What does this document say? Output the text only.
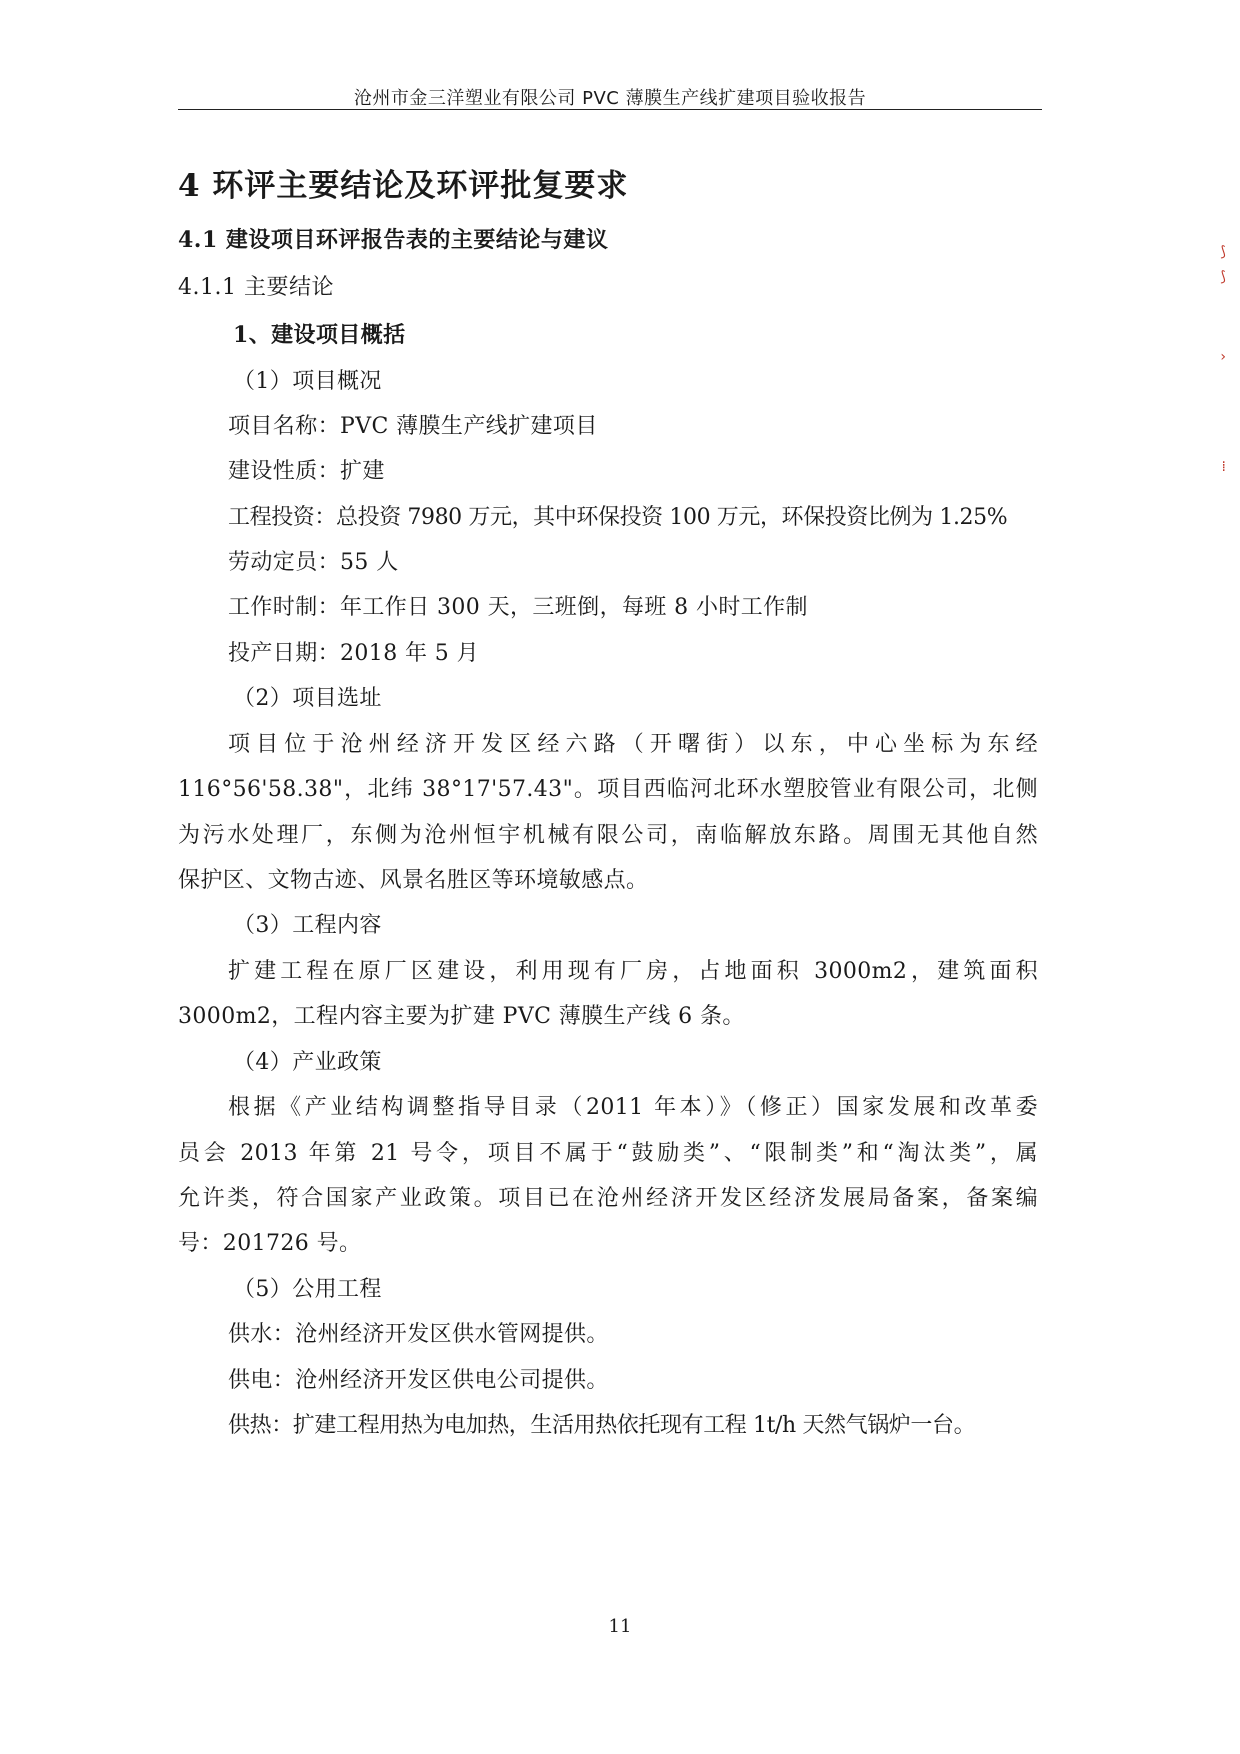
沧州市金三洋塑业有限公司 PVC 薄膜生产线扩建项目验收报告
4 环评主要结论及环评批复要求
4.1 建设项目环评报告表的主要结论与建议
4.1.1 主要结论
1、建设项目概括
（1）项目概况
项目名称：PVC 薄膜生产线扩建项目
建设性质：扩建
工程投资：总投资 7980 万元，其中环保投资 100 万元，环保投资比例为 1.25%
劳动定员：55 人
工作时制：年工作日 300 天，三班倒，每班 8 小时工作制
投产日期：2018 年 5 月
（2）项目选址
项目位于沧州经济开发区经六路（开曙街）以东，中心坐标为东经
116°56'58.38"，北纬 38°17'57.43"。项目西临河北环水塑胶管业有限公司，北侧
为污水处理厂，东侧为沧州恒宇机械有限公司，南临解放东路。周围无其他自然
保护区、文物古迹、风景名胜区等环境敏感点。
（3）工程内容
扩建工程在原厂区建设，利用现有厂房，占地面积 3000m2，建筑面积
3000m2，工程内容主要为扩建 PVC 薄膜生产线 6 条。
（4）产业政策
根据《产业结构调整指导目录（2011 年本）》（修正）国家发展和改革委
员会 2013 年第 21 号令，项目不属于“鼓励类”、“限制类”和“淘汰类”，属
允许类，符合国家产业政策。项目已在沧州经济开发区经济发展局备案，备案编
号：201726 号。
（5）公用工程
供水：沧州经济开发区供水管网提供。
供电：沧州经济开发区供电公司提供。
供热：扩建工程用热为电加热，生活用热依托现有工程 1t/h 天然气锅炉一台。
11
⟆
⟆
›
⁞
